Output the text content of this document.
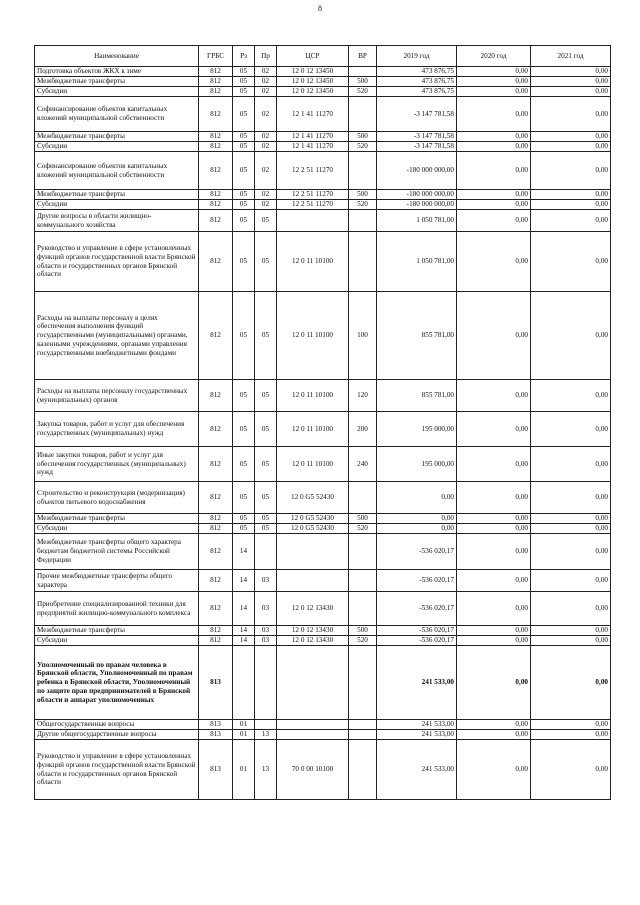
8
Наименование	ГРБС	Рз	Пр	ЦСР	ВР	2019 год	2020 год	2021 год
Подготовка объектов ЖКХ к зиме	812	05	02	12 0 12 13450		473 876,75	0,00	0,00
Межбюджетные трансферты	812	05	02	12 0 12 13450	500	473 876,75	0,00	0,00
Субсидии	812	05	02	12 0 12 13450	520	473 876,75	0,00	0,00
Софинансирование объектов капитальных вложений муниципальной собственности	812	05	02	12 1 41 11270		-3 147 781,58	0,00	0,00
Межбюджетные трансферты	812	05	02	12 1 41 11270	500	-3 147 781,58	0,00	0,00
Субсидии	812	05	02	12 1 41 11270	520	-3 147 781,58	0,00	0,00
Софинансирование объектов капитальных вложений муниципальной собственности	812	05	02	12 2 51 11270		-180 000 000,00	0,00	0,00
Межбюджетные трансферты	812	05	02	12 2 51 11270	500	-180 000 000,00	0,00	0,00
Субсидии	812	05	02	12 2 51 11270	520	-180 000 000,00	0,00	0,00
Другие вопросы в области жилищно-коммунального хозяйства	812	05	05			1 050 781,00	0,00	0,00
Руководство и управление в сфере установленных функций органов государственной власти Брянской области и государственных органов Брянской области	812	05	05	12 0 11 10100		1 050 781,00	0,00	0,00
Расходы на выплаты персоналу в целях обеспечения выполнения функций государственными (муниципальными) органами, казенными учреждениями, органами управления государственными внебюджетными фондами	812	05	05	12 0 11 10100	100	855 781,00	0,00	0,00
Расходы на выплаты персоналу государственных (муниципальных) органов	812	05	05	12 0 11 10100	120	855 781,00	0,00	0,00
Закупка товаров, работ и услуг для обеспечения государственных (муниципальных) нужд	812	05	05	12 0 11 10100	200	195 000,00	0,00	0,00
Иные закупки товаров, работ и услуг для обеспечения государственных (муниципальных) нужд	812	05	05	12 0 11 10100	240	195 000,00	0,00	0,00
Строительство и реконструкция (модернизация) объектов питьевого водоснабжения	812	05	05	12 0 G5 52430		0,00	0,00	0,00
Межбюджетные трансферты	812	05	05	12 0 G5 52430	500	0,00	0,00	0,00
Субсидии	812	05	05	12 0 G5 52430	520	0,00	0,00	0,00
Межбюджетные трансферты общего характера бюджетам бюджетной системы Российской Федерации	812	14				-536 020,17	0,00	0,00
Прочие межбюджетные трансферты общего характера	812	14	03			-536 020,17	0,00	0,00
Приобретение специализированной техники для предприятий жилищно-коммунального комплекса	812	14	03	12 0 12 13430		-536 020,17	0,00	0,00
Межбюджетные трансферты	812	14	03	12 0 12 13430	500	-536 020,17	0,00	0,00
Субсидии	812	14	03	12 0 12 13430	520	-536 020,17	0,00	0,00
Уполномоченный по правам человека в Брянской области, Уполномоченный по правам ребенка в Брянской области, Уполномоченный по защите прав предпринимателей в Брянской области и аппарат уполномоченных	813					241 533,00	0,00	0,00
Общегосударственные вопросы	813	01				241 533,00	0,00	0,00
Другие общегосударственные вопросы	813	01	13			241 533,00	0,00	0,00
Руководство и управление в сфере установленных функций органов государственной власти Брянской области и государственных органов Брянской области	813	01	13	70 0 00 10100		241 533,00	0,00	0,00
